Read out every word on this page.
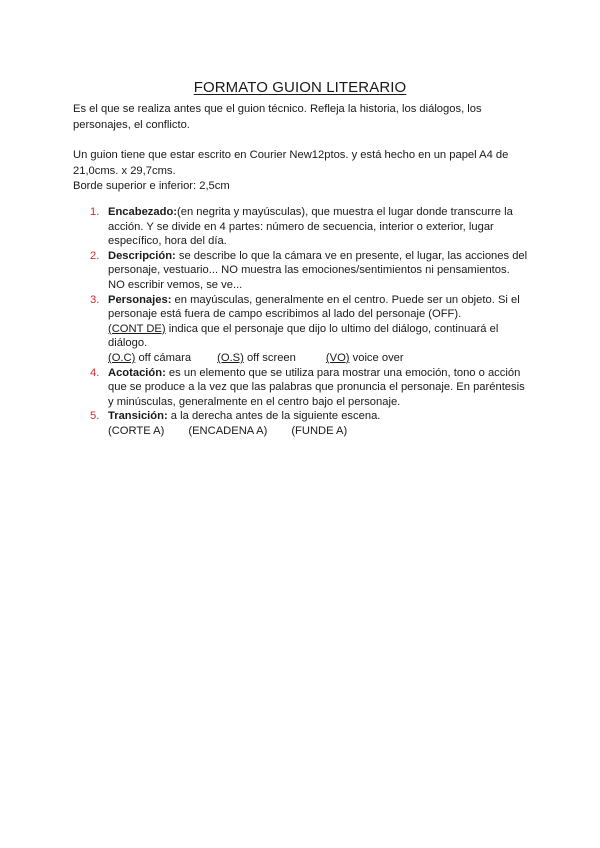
FORMATO GUION LITERARIO
Es el que se realiza antes que el guion técnico. Refleja la historia, los diálogos, los
personajes, el conflicto.
Un guion tiene que estar escrito en Courier New12ptos. y está hecho en un papel A4 de
21,0cms. x 29,7cms.
Borde superior e inferior: 2,5cm
1. Encabezado:(en negrita y mayúsculas), que muestra el lugar donde transcurre la
acción. Y se divide en 4 partes: número de secuencia, interior o exterior, lugar
específico, hora del día.
2. Descripción: se describe lo que la cámara ve en presente, el lugar, las acciones del
personaje, vestuario... NO muestra las emociones/sentimientos ni pensamientos.
NO escribir vemos, se ve...
3. Personajes: en mayúsculas, generalmente en el centro. Puede ser un objeto. Si el
personaje está fuera de campo escribimos al lado del personaje (OFF).
(CONT DE) indica que el personaje que dijo lo ultimo del diálogo, continuará el
diálogo.
(O.C) off cámara (O.S) off screen	(VO) voice over
4. Acotación: es un elemento que se utiliza para mostrar una emoción, tono o acción
que se produce a la vez que las palabras que pronuncia el personaje. En paréntesis
y minúsculas, generalmente en el centro bajo el personaje.
5. Transición: a la derecha antes de la siguiente escena.
(CORTE A) (ENCADENA A) (FUNDE A)
